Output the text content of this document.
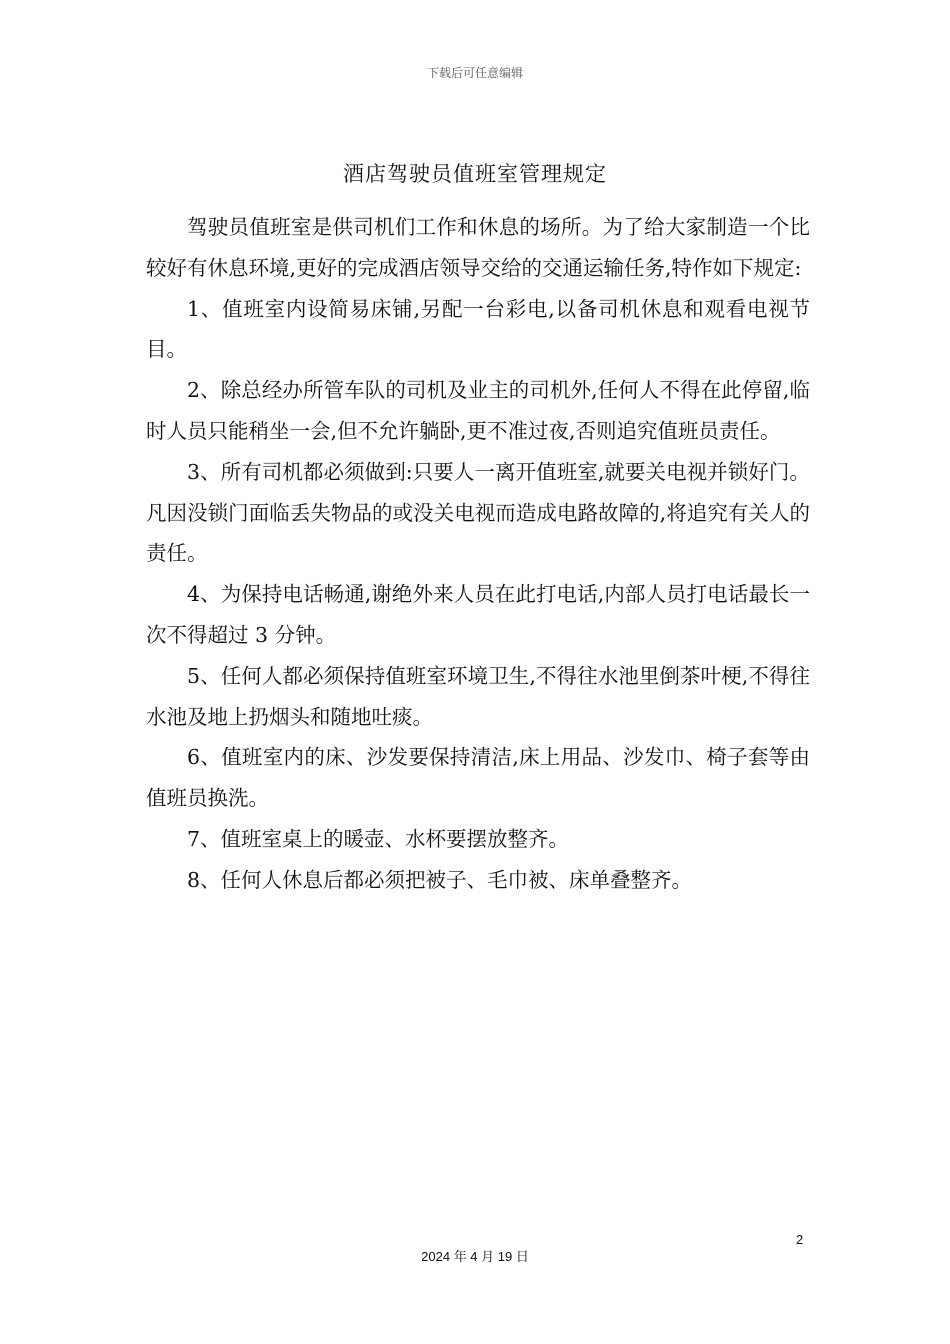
下载后可任意编辑
酒店驾驶员值班室管理规定

驾驶员值班室是供司机们工作和休息的场所。为了给大家制造一个比较好有休息环境,更好的完成酒店领导交给的交通运输任务,特作如下规定:

1、值班室内设简易床铺,另配一台彩电,以备司机休息和观看电视节目。

2、除总经办所管车队的司机及业主的司机外,任何人不得在此停留,临时人员只能稍坐一会,但不允许躺卧,更不准过夜,否则追究值班员责任。

3、所有司机都必须做到:只要人一离开值班室,就要关电视并锁好门。凡因没锁门面临丢失物品的或没关电视而造成电路故障的,将追究有关人的责任。

4、为保持电话畅通,谢绝外来人员在此打电话,内部人员打电话最长一次不得超过 3 分钟。

5、任何人都必须保持值班室环境卫生,不得往水池里倒茶叶梗,不得往水池及地上扔烟头和随地吐痰。

6、值班室内的床、沙发要保持清洁,床上用品、沙发巾、椅子套等由值班员换洗。

7、值班室桌上的暖壶、水杯要摆放整齐。

8、任何人休息后都必须把被子、毛巾被、床单叠整齐。

2
2024 年 4 月 19 日
